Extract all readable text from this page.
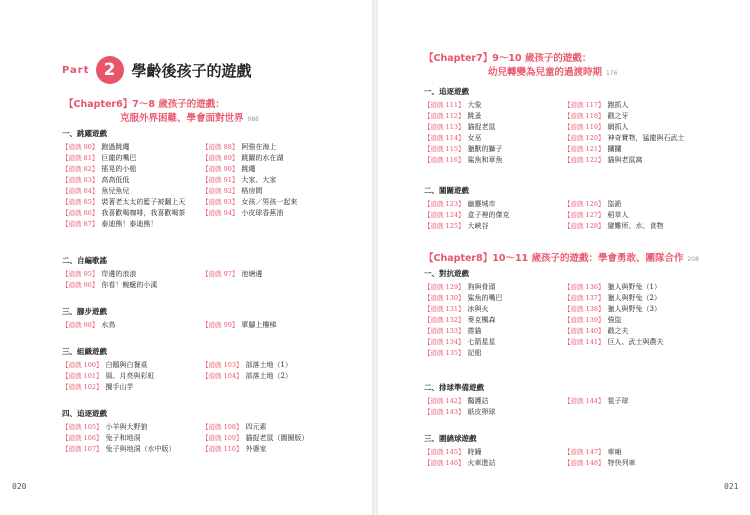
Part 2	學齡後孩子的遊戲
【Chapter6】7～8 歲孩子的遊戲：
克服外界困難、學會面對世界 086
一、跳躍遊戲
【遊戲 80】 跑過跳繩	【遊戲 88】 阿強在海上
【遊戲 81】 巨龍的嘴巴	【遊戲 89】 跳躍的水在湖
【遊戲 82】 搖晃的小船	【遊戲 90】 跳繩
【遊戲 83】 高高低低	【遊戲 91】 大家、大家
【遊戲 84】 魚兒魚兒	【遊戲 92】 格房間
【遊戲 85】 裝著老太太的籃子被翻上天	【遊戲 93】 女孩／男孩一起來
【遊戲 86】 我喜歡喝咖啡，我喜歡喝茶	【遊戲 94】 小皮球香蕉油
【遊戲 87】 泰迪熊！泰迪熊！
二、自編歌謠
【遊戲 95】 岸邊的浪浪	【遊戲 97】 池塘邊
【遊戲 96】 你看！蜿蜒的小溪
三、腳步遊戲
【遊戲 98】 水鳥	【遊戲 99】 單腳上樓梯
三、組織遊戲
【遊戲 100】 白鵝與白餐桌	【遊戲 103】 部落土地（1）
【遊戲 101】 風、月亮與彩虹	【遊戲 104】 部落土地（2）
【遊戲 102】 攪手山芋
四、追逐遊戲
【遊戲 105】 小羊與大野狼	【遊戲 108】 四元素
【遊戲 106】 兔子和地洞	【遊戲 109】 貓捉老鼠（圍圈版）
【遊戲 107】 兔子與地洞（水中版）	【遊戲 110】 外婆家
020
【Chapter7】9～10 歲孩子的遊戲：
幼兒轉變為兒童的過渡時期 176
一、追逐遊戲
【遊戲 111】 大象	【遊戲 117】 跑抓人
【遊戲 112】 跳蚤	【遊戲 118】 戳之牙
【遊戲 113】 貓捉老鼠	【遊戲 119】 網抓人
【遊戲 114】 女巫	【遊戲 120】 神奇寶物，猛龍與石武士
【遊戲 115】 獵獸的獅子	【遊戲 121】 攔攔
【遊戲 116】 鯊魚和章魚	【遊戲 122】 貓與老鼠窩
二、闖關遊戲
【遊戲 123】 幽靈城市	【遊戲 126】 盜詭
【遊戲 124】 盒子裡的傑克	【遊戲 127】 稻草人
【遊戲 125】 大峽谷	【遊戲 128】 避難所、水、食物
【Chapter8】10～11 歲孩子的遊戲：學會勇敢、團隊合作 208
一、對抗遊戲
【遊戲 129】 狗與骨頭	【遊戲 136】 獵人與野兔（1）
【遊戲 130】 鯊魚的嘴巴	【遊戲 137】 獵人與野兔（2）
【遊戲 131】 冰與火	【遊戲 138】 獵人與野兔（3）
【遊戲 132】 麥克楓森	【遊戲 139】 強盜
【遊戲 133】 捲貓	【遊戲 140】 戳之夫
【遊戲 134】 七箭星星	【遊戲 141】 巨人、武士與農夫
【遊戲 135】 記船
二、排球準備遊戲
【遊戲 142】 醫護站	【遊戲 144】 毯子球
【遊戲 143】 紙皮卵球
三、圍繞球遊戲
【遊戲 145】 時鐘	【遊戲 147】 車廂
【遊戲 146】 火車進站	【遊戲 148】 特快列車
021
